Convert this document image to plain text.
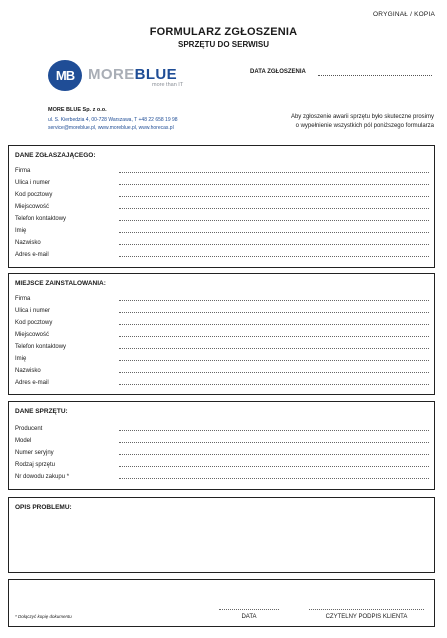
ORYGINAŁ / KOPIA
FORMULARZ ZGŁOSZENIA
SPRZĘTU DO SERWISU
MB MOREBLUE
more than IT
DATA ZGŁOSZENIA
MORE BLUE Sp. z o.o.
ul. S. Kierbedzia 4, 00-728 Warszawa, T +48 22 658 19 98
service@moreblue.pl, www.moreblue.pl, www.horecas.pl
Aby zgłoszenie awarii sprzętu było skuteczne prosimy
o wypełnienie wszystkich pól poniższego formularza
DANE ZGŁASZAJĄCEGO:
Firma
Ulica i numer
Kod pocztowy
Miejscowość
Telefon kontaktowy
Imię
Nazwisko
Adres e-mail
MIEJSCE ZAINSTALOWANIA:
Firma
Ulica i numer
Kod pocztowy
Miejscowość
Telefon kontaktowy
Imię
Nazwisko
Adres e-mail
DANE SPRZĘTU:
Producent
Model
Numer seryjny
Rodzaj sprzętu
Nr dowodu zakupu *
OPIS PROBLEMU:
* Dołączyć kopię dokumentu	DATA	CZYTELNY PODPIS KLIENTA
